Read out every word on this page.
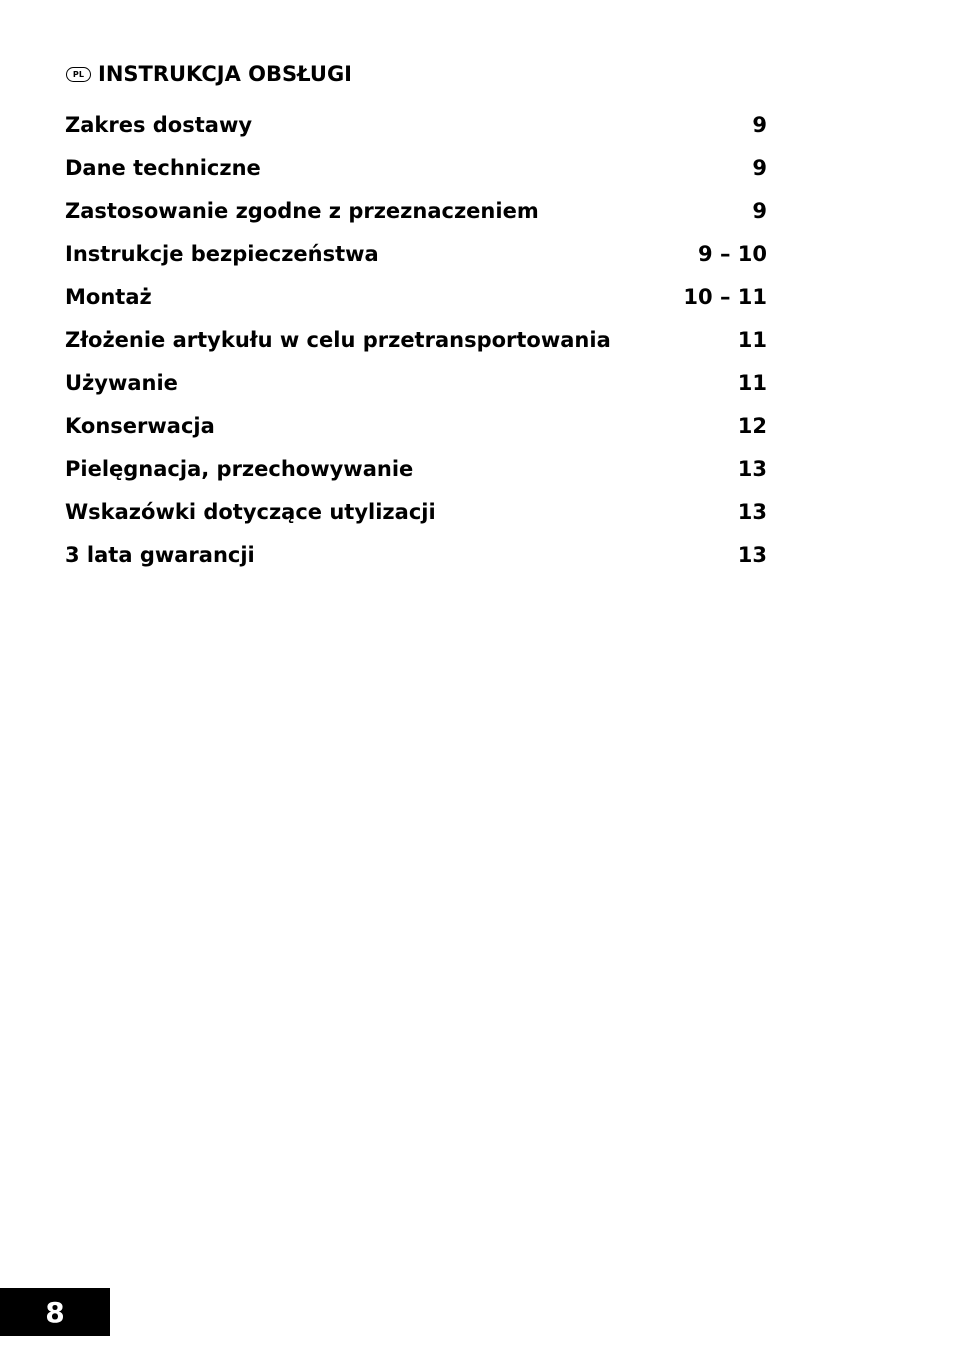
PL INSTRUKCJA OBSŁUGI
Zakres dostawy	9
Dane techniczne	9
Zastosowanie zgodne z przeznaczeniem	9
Instrukcje bezpieczeństwa	9 – 10
Montaż	10 – 11
Złożenie artykułu w celu przetransportowania	11
Używanie	11
Konserwacja	12
Pielęgnacja, przechowywanie	13
Wskazówki dotyczące utylizacji	13
3 lata gwarancji	13
8
